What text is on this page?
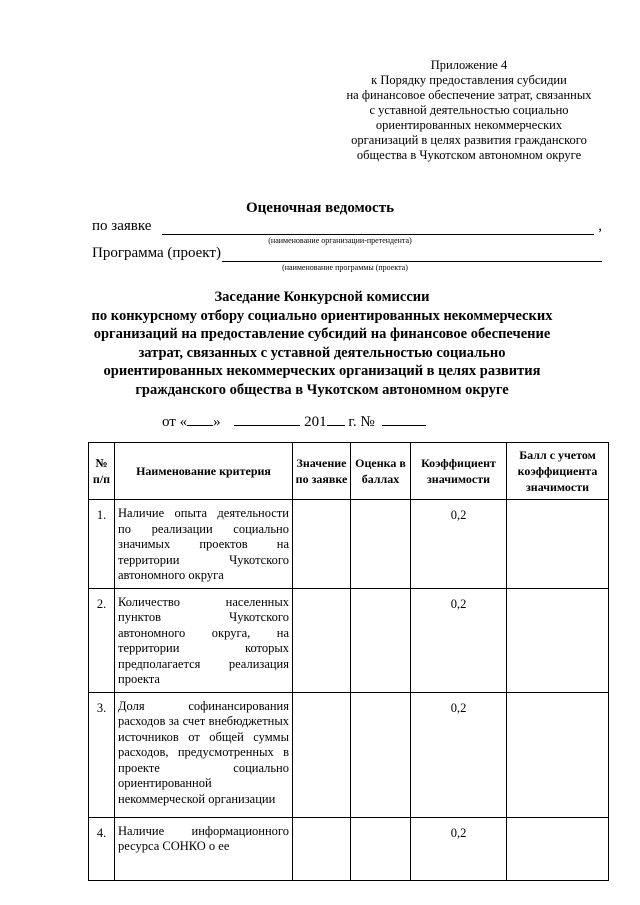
Приложение 4
к Порядку предоставления субсидии
на финансовое обеспечение затрат, связанных
с уставной деятельностью социально
ориентированных некоммерческих
организаций в целях развития гражданского
общества в Чукотском автономном округе
Оценочная ведомость
по заявке	,
(наименование организации-претендента)
Программа (проект)
(наименование программы (проекта)
Заседание Конкурсной комиссии
по конкурсному отбору социально ориентированных некоммерческих
организаций на предоставление субсидий на финансовое обеспечение
затрат, связанных с уставной деятельностью социально
ориентированных некоммерческих организаций в целях развития
гражданского общества в Чукотском автономном округе
от « »	201 г. №
№ п/п	Наименование критерия	Значение по заявке	Оценка в баллах	Коэффициент значимости	Балл с учетом коэффициента значимости
1.	Наличие опыта деятельности по реализации социально значимых проектов на территории Чукотского автономного округа			0,2	
2.	Количество населенных пунктов Чукотского автономного округа, на территории которых предполагается реализация проекта			0,2	
3.	Доля софинансирования расходов за счет внебюджетных источников от общей суммы расходов, предусмотренных в проекте социально ориентированной некоммерческой организации			0,2	
4.	Наличие информационного ресурса СОНКО о ее			0,2	
